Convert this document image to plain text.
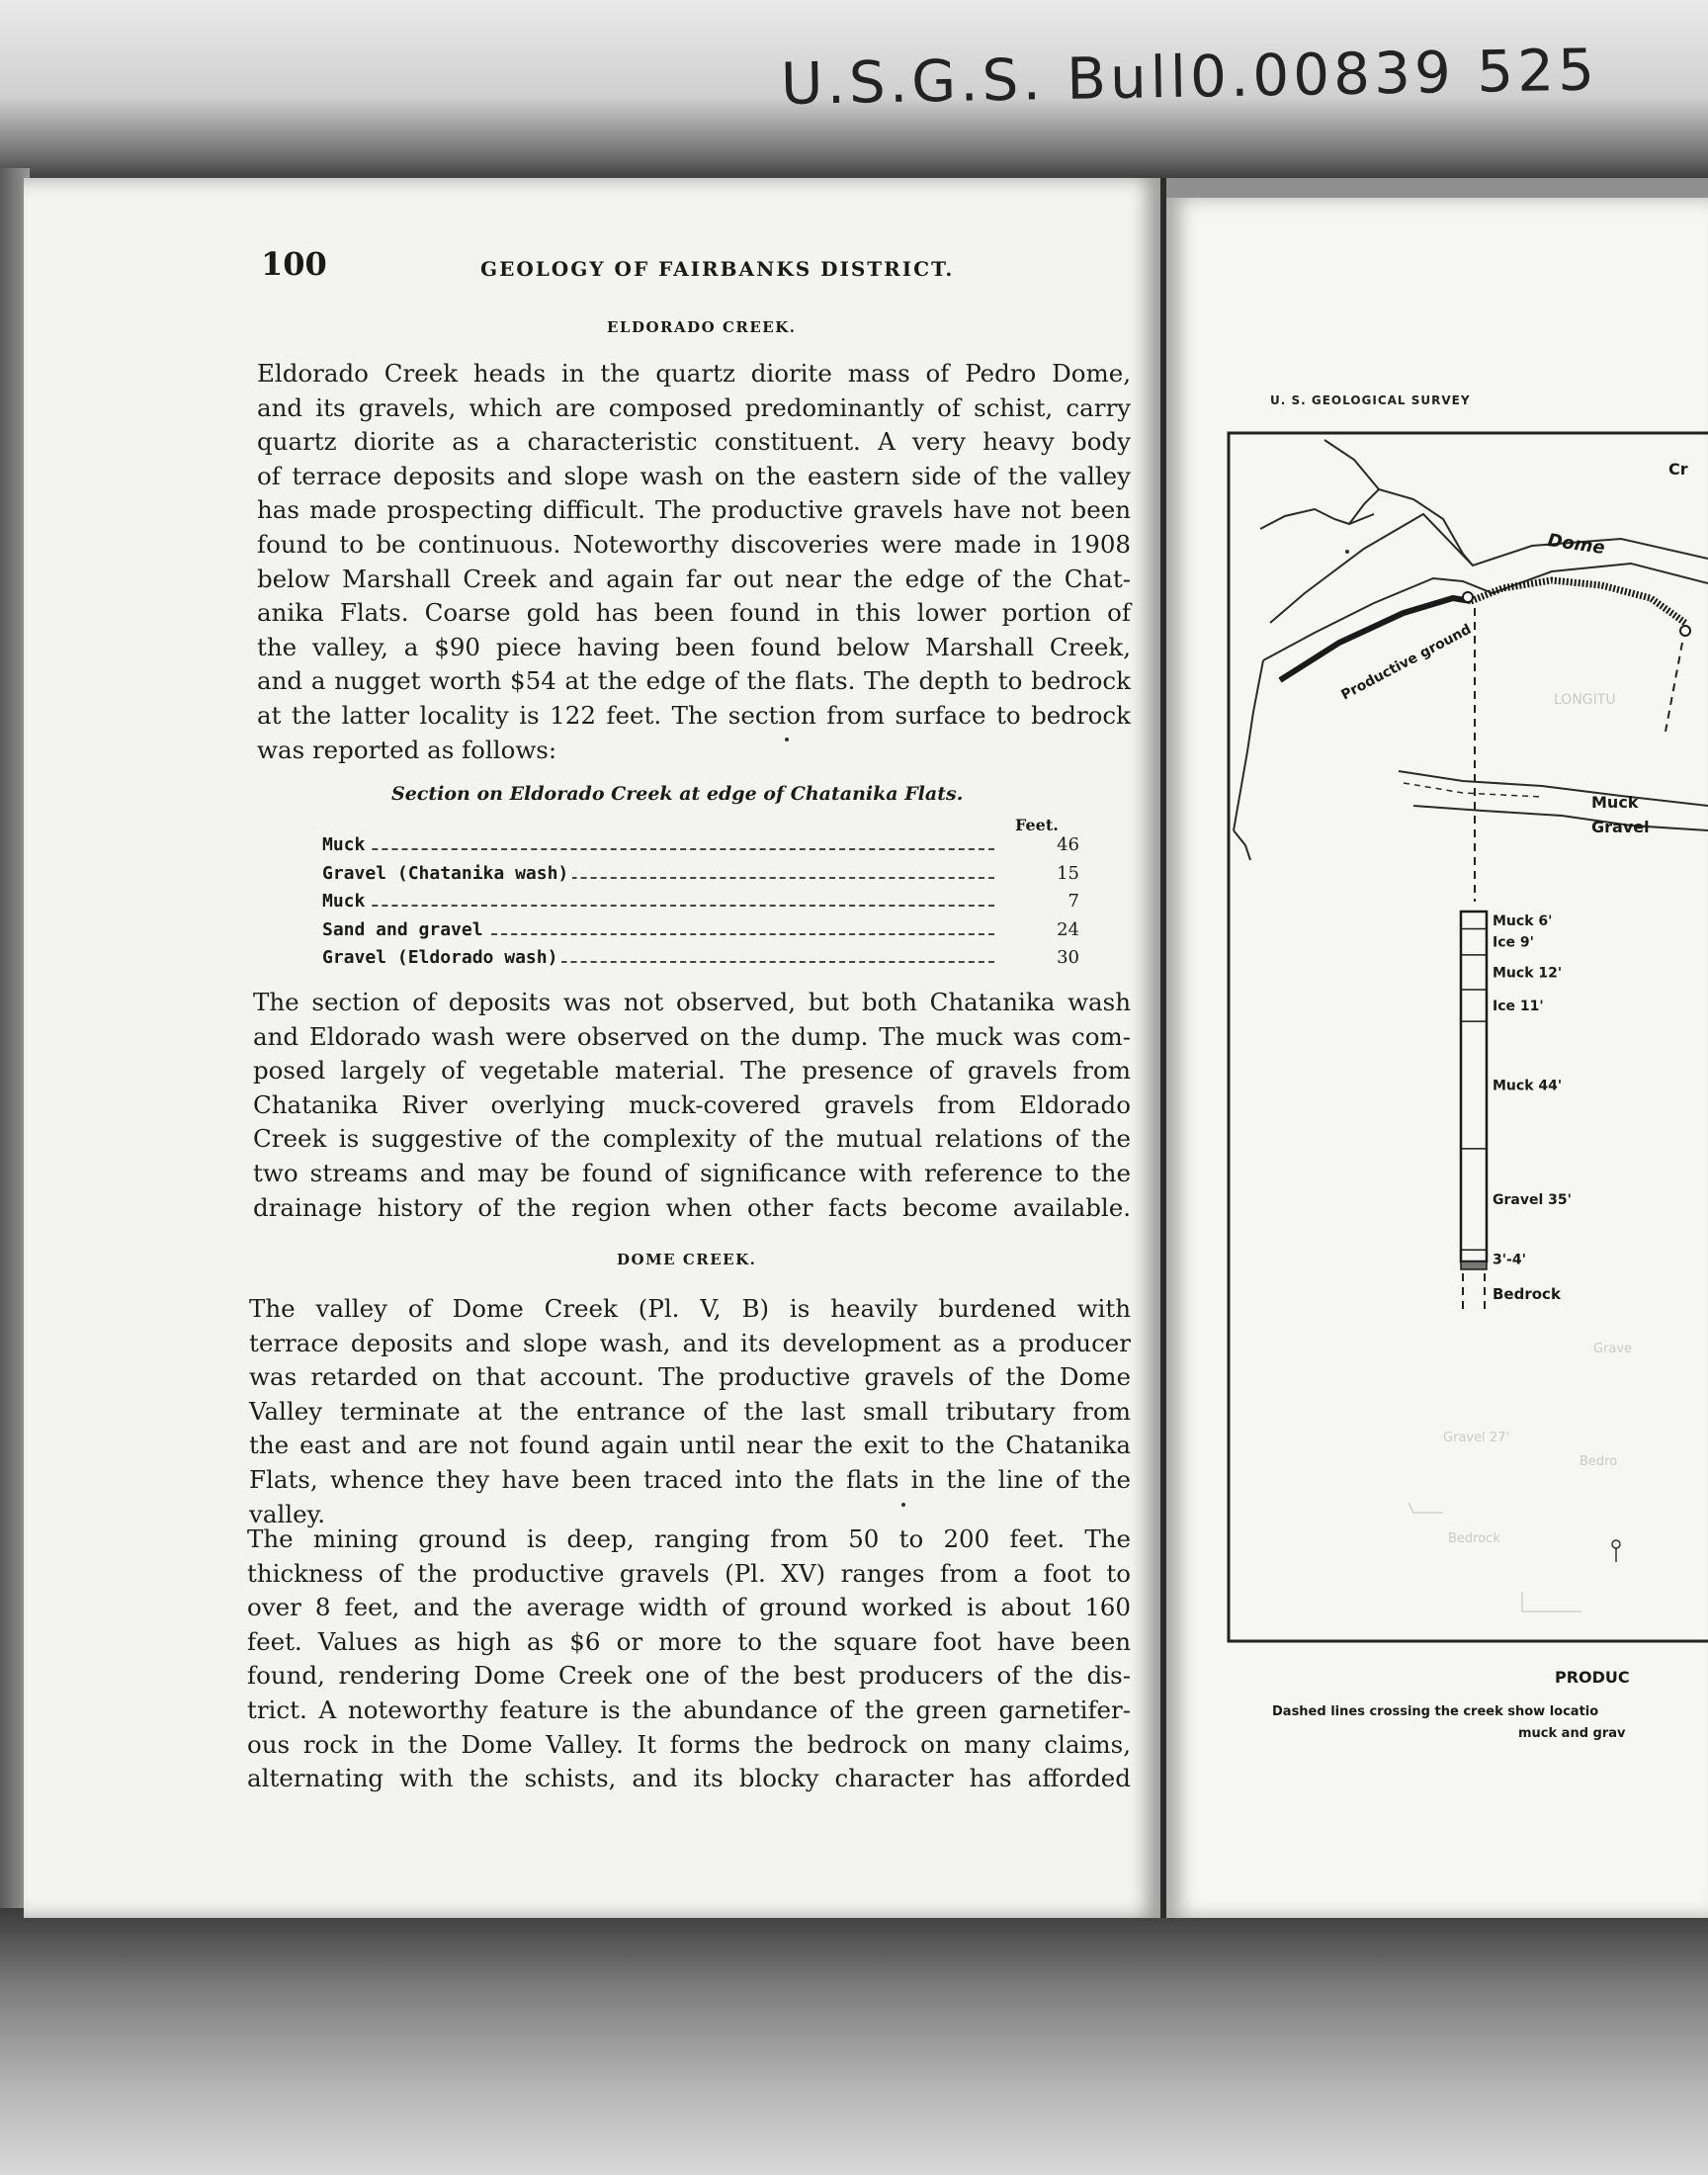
U.S.G.S. Bull0.00839 525
100	GEOLOGY OF FAIRBANKS DISTRICT.
ELDORADO CREEK.
Eldorado Creek heads in the quartz diorite mass of Pedro Dome,
and its gravels, which are composed predominantly of schist, carry
quartz diorite as a characteristic constituent. A very heavy body
of terrace deposits and slope wash on the eastern side of the valley
has made prospecting difficult. The productive gravels have not been
found to be continuous. Noteworthy discoveries were made in 1908
below Marshall Creek and again far out near the edge of the Chat-
anika Flats. Coarse gold has been found in this lower portion of
the valley, a $90 piece having been found below Marshall Creek,
and a nugget worth $54 at the edge of the flats. The depth to bedrock
at the latter locality is 122 feet. The section from surface to bedrock
was reported as follows:
Section on Eldorado Creek at edge of Chatanika Flats.
Feet.
Muck	46
Gravel (Chatanika wash)	15
Muck	7
Sand and gravel	24
Gravel (Eldorado wash)	30
The section of deposits was not observed, but both Chatanika wash
and Eldorado wash were observed on the dump. The muck was com-
posed largely of vegetable material. The presence of gravels from
Chatanika River overlying muck-covered gravels from Eldorado
Creek is suggestive of the complexity of the mutual relations of the
two streams and may be found of significance with reference to the
drainage history of the region when other facts become available.
DOME CREEK.
The valley of Dome Creek (Pl. V, B) is heavily burdened with
terrace deposits and slope wash, and its development as a producer
was retarded on that account. The productive gravels of the Dome
Valley terminate at the entrance of the last small tributary from
the east and are not found again until near the exit to the Chatanika
Flats, whence they have been traced into the flats in the line of the
valley.
The mining ground is deep, ranging from 50 to 200 feet. The
thickness of the productive gravels (Pl. XV) ranges from a foot to
over 8 feet, and the average width of ground worked is about 160
feet. Values as high as $6 or more to the square foot have been
found, rendering Dome Creek one of the best producers of the dis-
trict. A noteworthy feature is the abundance of the green garnetifer-
ous rock in the Dome Valley. It forms the bedrock on many claims,
alternating with the schists, and its blocky character has afforded
U. S. GEOLOGICAL SURVEY
Muck 6'
Ice 9'
Muck 12'
Ice 11'
Muck 44'
Gravel 35'
3'-4'
Cr
Dome
Productive ground	LONGITU
Muck
Gravel
Bedrock
Gravel 27'
Bedrock
Grave
Bedro
PRODUC
Dashed lines crossing the creek show locatio
muck and grav
